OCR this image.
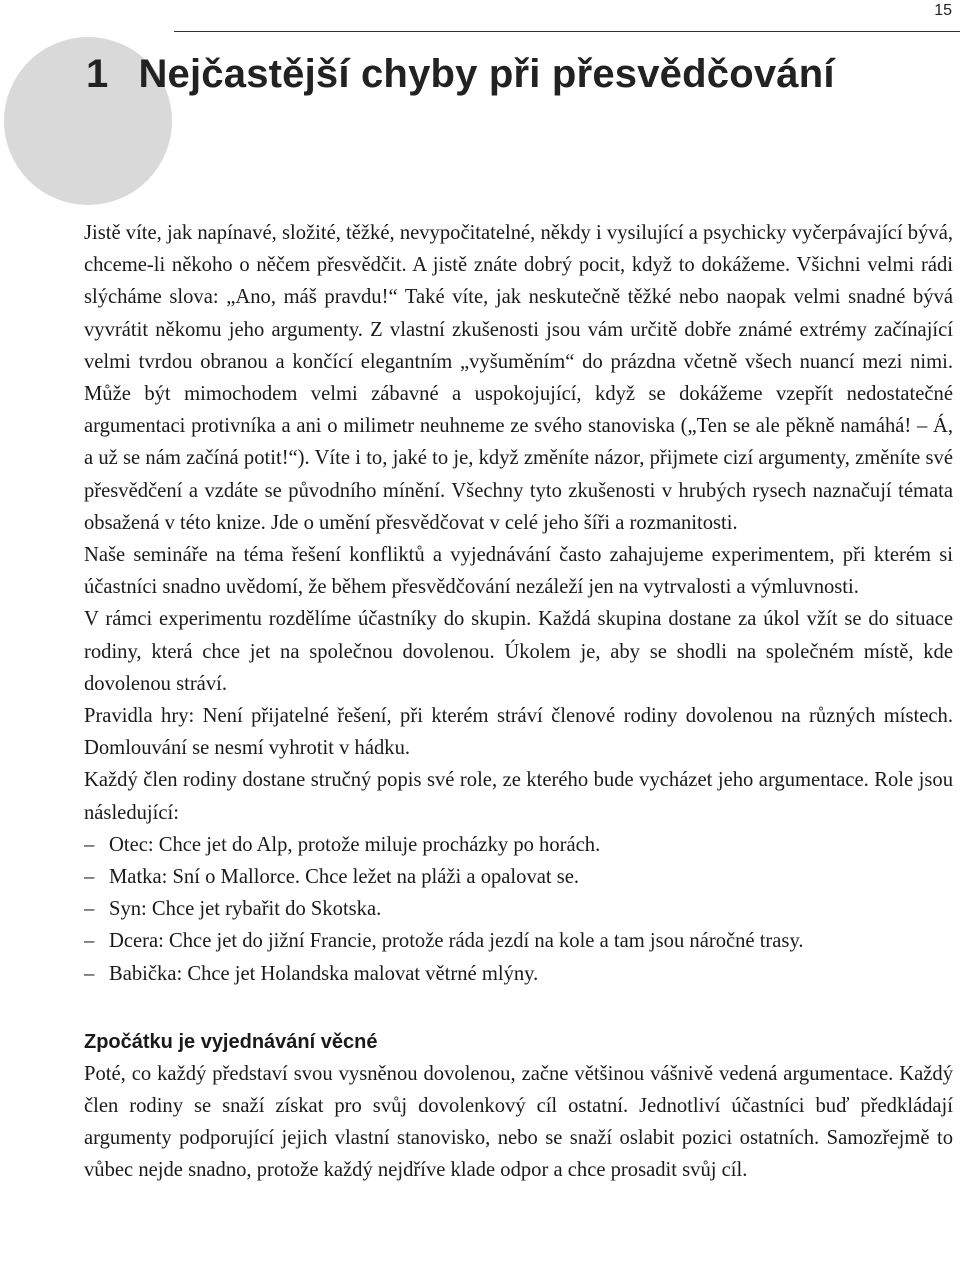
15
1 Nejčastější chyby při přesvědčování

Jistě víte, jak napínavé, složité, těžké, nevypočitatelné, někdy i vysilující a psychicky vyčerpávající bývá, chceme-li někoho o něčem přesvědčit. A jistě znáte dobrý pocit, když to dokážeme. Všichni velmi rádi slýcháme slova: „Ano, máš pravdu!“ Také víte, jak neskutečně těžké nebo naopak velmi snadné bývá vyvrátit někomu jeho argumenty. Z vlastní zkušenosti jsou vám určitě dobře známé extrémy začínající velmi tvrdou obranou a končící elegantním „vyšuměním“ do prázdna včetně všech nuancí mezi nimi. Může být mimochodem velmi zábavné a uspokojující, když se dokážeme vzepřít nedostatečné argumentaci protivníka a ani o milimetr neuhneme ze svého stanoviska („Ten se ale pěkně namáhá! – Á, a už se nám začíná potit!“). Víte i to, jaké to je, když změníte názor, přijmete cizí argumenty, změníte své přesvědčení a vzdáte se původního mínění. Všechny tyto zkušenosti v hrubých rysech naznačují témata obsažená v této knize. Jde o umění přesvědčovat v celé jeho šíři a rozmanitosti.

Naše semináře na téma řešení konfliktů a vyjednávání často zahajujeme experimentem, při kterém si účastníci snadno uvědomí, že během přesvědčování nezáleží jen na vytrvalosti a výmluvnosti.

V rámci experimentu rozdělíme účastníky do skupin. Každá skupina dostane za úkol vžít se do situace rodiny, která chce jet na společnou dovolenou. Úkolem je, aby se shodli na společném místě, kde dovolenou stráví.

Pravidla hry: Není přijatelné řešení, při kterém stráví členové rodiny dovolenou na různých místech. Domlouvání se nesmí vyhrotit v hádku.

Každý člen rodiny dostane stručný popis své role, ze kterého bude vycházet jeho argumentace. Role jsou následující:

– Otec: Chce jet do Alp, protože miluje procházky po horách.
– Matka: Sní o Mallorce. Chce ležet na pláži a opalovat se.
– Syn: Chce jet rybařit do Skotska.
– Dcera: Chce jet do jižní Francie, protože ráda jezdí na kole a tam jsou náročné trasy.
– Babička: Chce jet Holandska malovat větrné mlýny.
Zpočátku je vyjednávání věcné

Poté, co každý představí svou vysněnou dovolenou, začne většinou vášnivě vedená argumentace. Každý člen rodiny se snaží získat pro svůj dovolenkový cíl ostatní. Jednotliví účastníci buď předkládají argumenty podporující jejich vlastní stanovisko, nebo se snaží oslabit pozici ostatních. Samozřejmě to vůbec nejde snadno, protože každý nejdříve klade odpor a chce prosadit svůj cíl.
